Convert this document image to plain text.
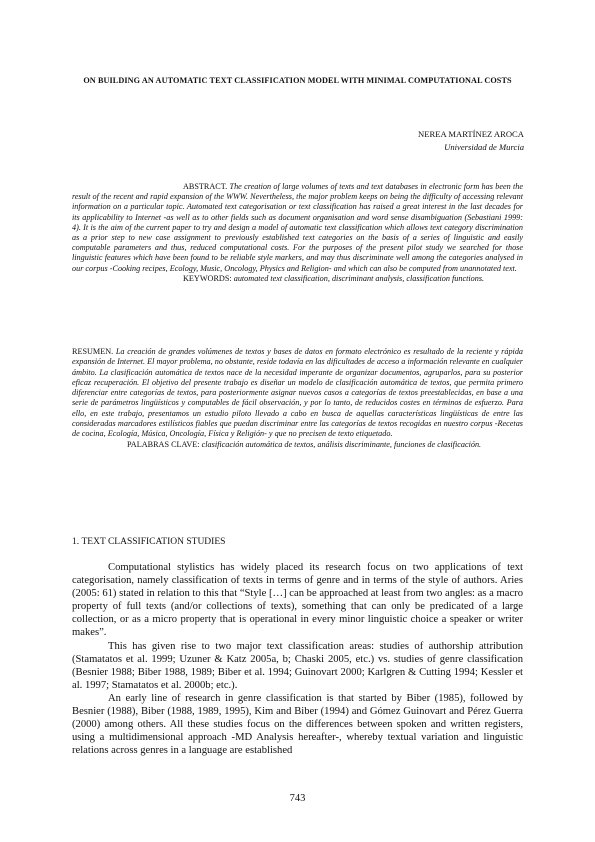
ON BUILDING AN AUTOMATIC TEXT CLASSIFICATION MODEL WITH MINIMAL COMPUTATIONAL COSTS
NEREA MARTÍNEZ AROCA
Universidad de Murcia

ABSTRACT. The creation of large volumes of texts and text databases in electronic form has been the result of the recent and rapid expansion of the WWW. Nevertheless, the major problem keeps on being the difficulty of accessing relevant information on a particular topic. Automated text categorisation or text classification has raised a great interest in the last decades for its applicability to Internet -as well as to other fields such as document organisation and word sense disambiguation (Sebastiani 1999: 4). It is the aim of the current paper to try and design a model of automatic text classification which allows text category discrimination as a prior step to new case assignment to previously established text categories on the basis of a series of linguistic and easily computable parameters and thus, reduced computational costs. For the purposes of the present pilot study we searched for those linguistic features which have been found to be reliable style markers, and may thus discriminate well among the categories analysed in our corpus -Cooking recipes, Ecology, Music, Oncology, Physics and Religion- and which can also be computed from unannotated text.

KEYWORDS: automated text classification, discriminant analysis, classification functions.

RESUMEN. La creación de grandes volúmenes de textos y bases de datos en formato electrónico es resultado de la reciente y rápida expansión de Internet. El mayor problema, no obstante, reside todavía en las dificultades de acceso a información relevante en cualquier ámbito. La clasificación automática de textos nace de la necesidad imperante de organizar documentos, agruparlos, para su posterior eficaz recuperación. El objetivo del presente trabajo es diseñar un modelo de clasificación automática de textos, que permita primero diferenciar entre categorías de textos, para posteriormente asignar nuevos casos a categorías de textos preestablecidas, en base a una serie de parámetros lingüísticos y computables de fácil observación, y por lo tanto, de reducidos costes en términos de esfuerzo. Para ello, en este trabajo, presentamos un estudio piloto llevado a cabo en busca de aquellas características lingüísticas de entre las consideradas marcadores estilísticos fiables que puedan discriminar entre las categorías de textos recogidas en nuestro corpus -Recetas de cocina, Ecología, Música, Oncología, Física y Religión- y que no precisen de texto etiquetado.

PALABRAS CLAVE: clasificación automática de textos, análisis discriminante, funciones de clasificación.

1. TEXT CLASSIFICATION STUDIES

Computational stylistics has widely placed its research focus on two applications of text categorisation, namely classification of texts in terms of genre and in terms of the style of authors. Aries (2005: 61) stated in relation to this that “Style […] can be approached at least from two angles: as a macro property of full texts (and/or collections of texts), something that can only be predicated of a large collection, or as a micro property that is operational in every minor linguistic choice a speaker or writer makes”.

This has given rise to two major text classification areas: studies of authorship attribution (Stamatatos et al. 1999; Uzuner & Katz 2005a, b; Chaski 2005, etc.) vs. studies of genre classification (Besnier 1988; Biber 1988, 1989; Biber et al. 1994; Guinovart 2000; Karlgren & Cutting 1994; Kessler et al. 1997; Stamatatos et al. 2000b; etc.).

An early line of research in genre classification is that started by Biber (1985), followed by Besnier (1988), Biber (1988, 1989, 1995), Kim and Biber (1994) and Gómez Guinovart and Pérez Guerra (2000) among others. All these studies focus on the differences between spoken and written registers, using a multidimensional approach -MD Analysis hereafter-, whereby textual variation and linguistic relations across genres in a language are established

743
